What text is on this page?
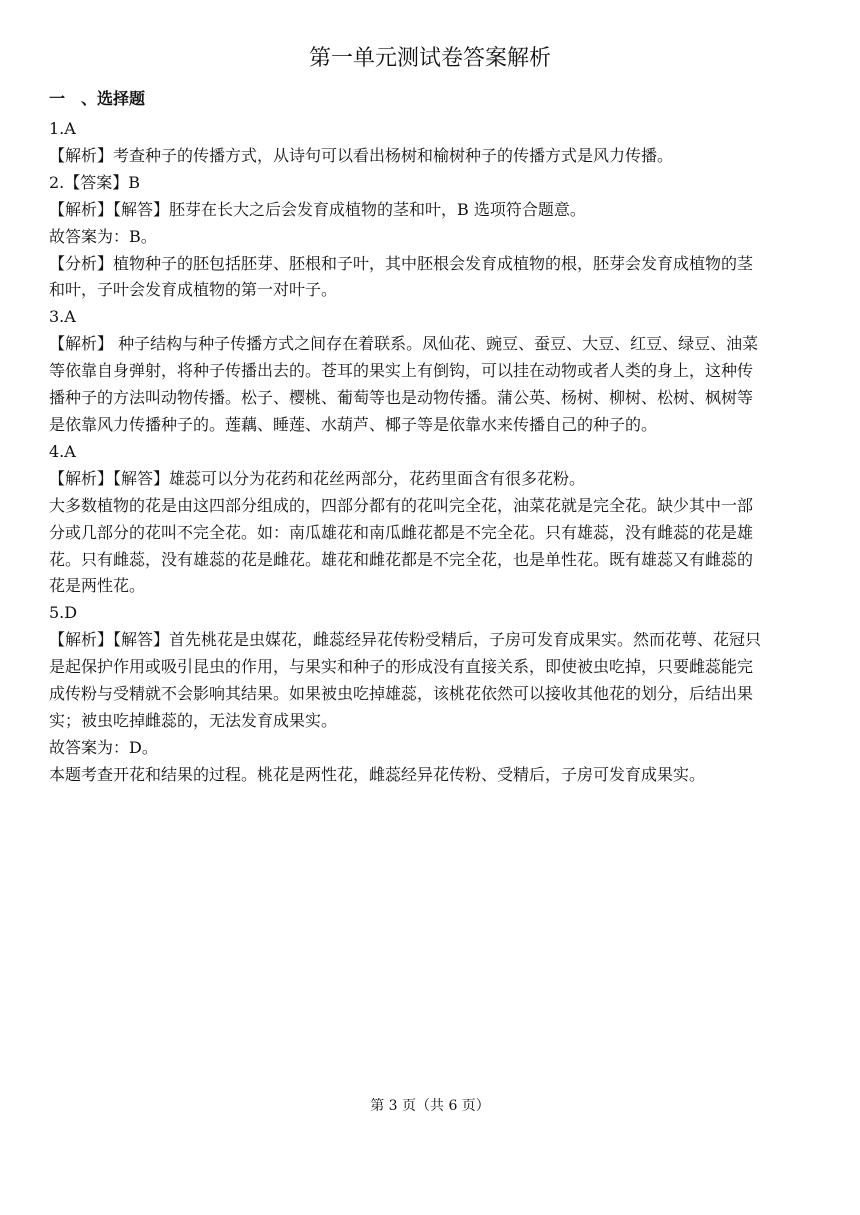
第一单元测试卷答案解析
一　、选择题

1.A

【解析】考查种子的传播方式，从诗句可以看出杨树和榆树种子的传播方式是风力传播。

2.【答案】B

【解析】【解答】胚芽在长大之后会发育成植物的茎和叶，B 选项符合题意。

故答案为：B。

【分析】植物种子的胚包括胚芽、胚根和子叶，其中胚根会发育成植物的根，胚芽会发育成植物的茎

和叶，子叶会发育成植物的第一对叶子。

3.A

【解析】 种子结构与种子传播方式之间存在着联系。凤仙花、豌豆、蚕豆、大豆、红豆、绿豆、油菜

等依靠自身弹射，将种子传播出去的。苍耳的果实上有倒钩，可以挂在动物或者人类的身上，这种传

播种子的方法叫动物传播。松子、樱桃、葡萄等也是动物传播。蒲公英、杨树、柳树、松树、枫树等

是依靠风力传播种子的。莲藕、睡莲、水葫芦、椰子等是依靠水来传播自己的种子的。

4.A

【解析】【解答】雄蕊可以分为花药和花丝两部分，花药里面含有很多花粉。

大多数植物的花是由这四部分组成的，四部分都有的花叫完全花，油菜花就是完全花。缺少其中一部

分或几部分的花叫不完全花。如：南瓜雄花和南瓜雌花都是不完全花。只有雄蕊，没有雌蕊的花是雄

花。只有雌蕊，没有雄蕊的花是雌花。雄花和雌花都是不完全花，也是单性花。既有雄蕊又有雌蕊的

花是两性花。

5.D

【解析】【解答】首先桃花是虫媒花，雌蕊经异花传粉受精后，子房可发育成果实。然而花萼、花冠只

是起保护作用或吸引昆虫的作用，与果实和种子的形成没有直接关系，即使被虫吃掉，只要雌蕊能完

成传粉与受精就不会影响其结果。如果被虫吃掉雄蕊，该桃花依然可以接收其他花的划分，后结出果

实；被虫吃掉雌蕊的，无法发育成果实。

故答案为：D。

本题考查开花和结果的过程。桃花是两性花，雌蕊经异花传粉、受精后，子房可发育成果实。

第 3 页（共 6 页）
